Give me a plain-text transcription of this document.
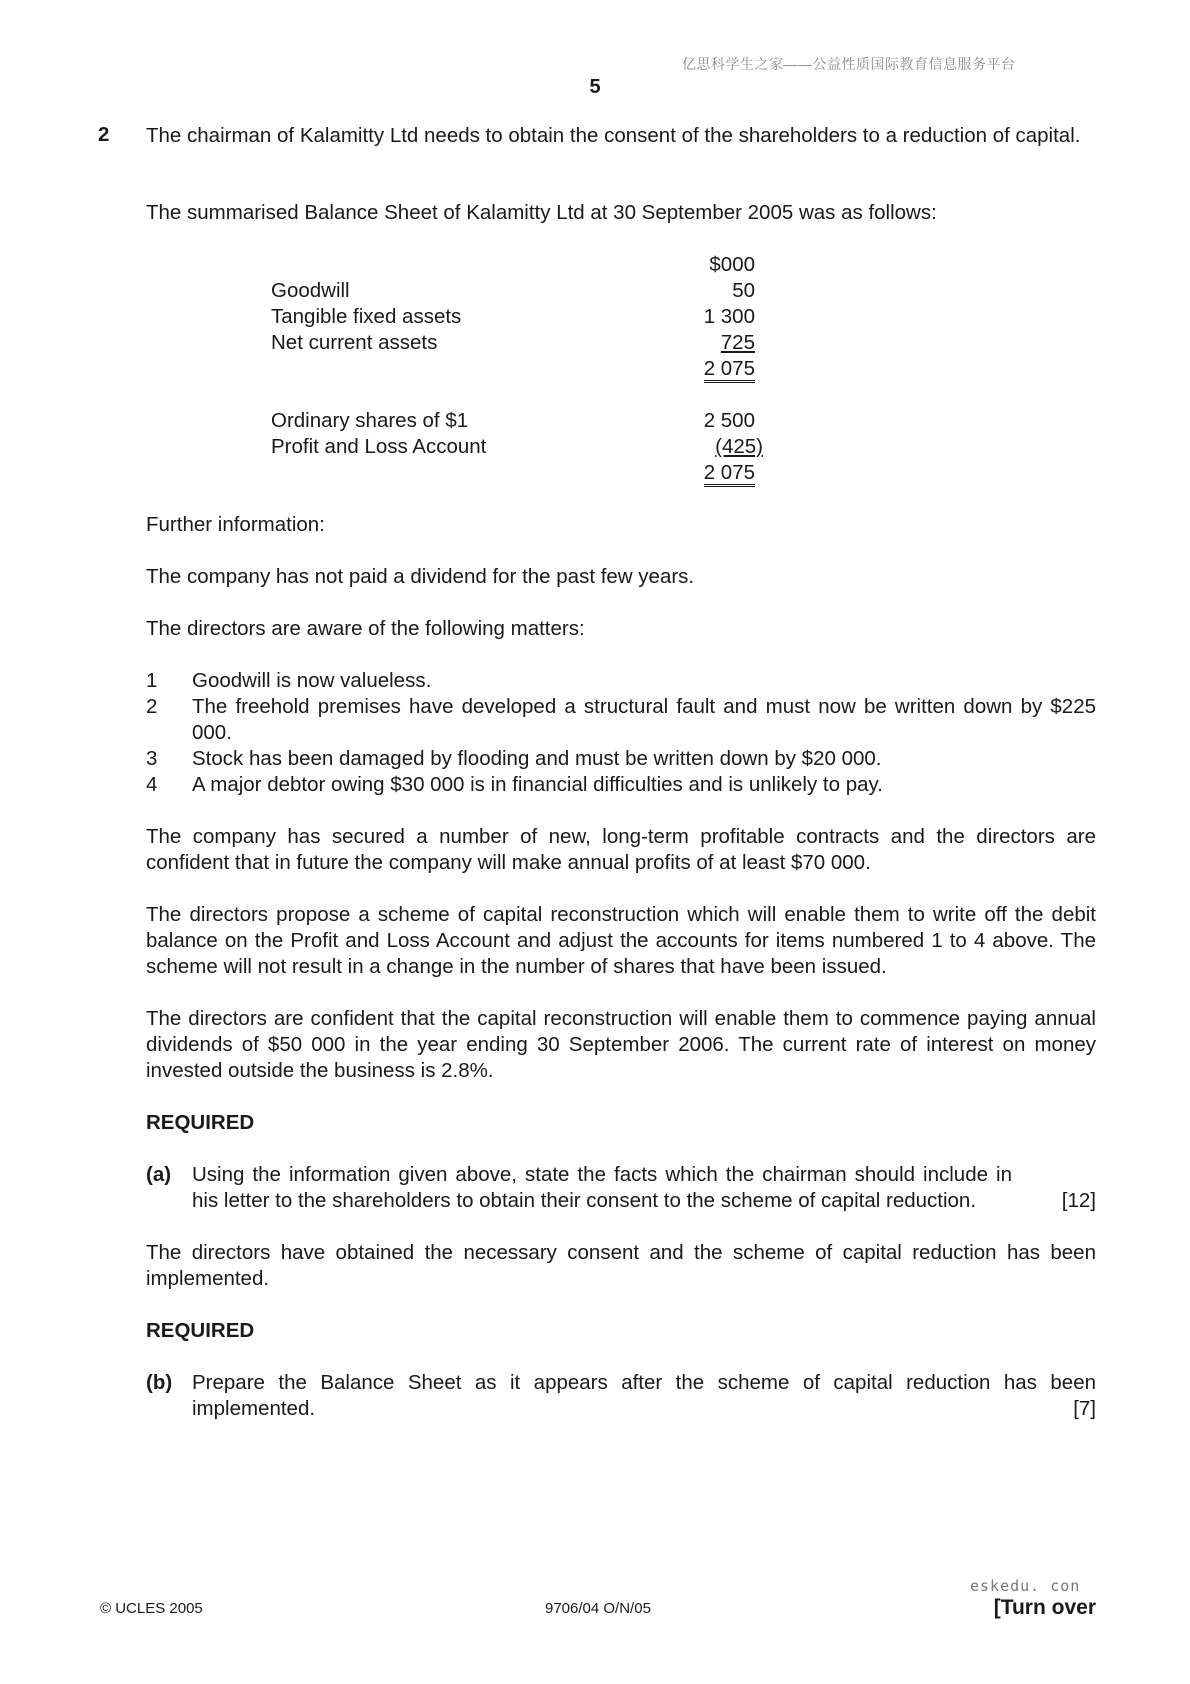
亿思科学生之家——公益性质国际教育信息服务平台
5
2 The chairman of Kalamitty Ltd needs to obtain the consent of the shareholders to a reduction of capital.
The summarised Balance Sheet of Kalamitty Ltd at 30 September 2005 was as follows:
$000
Goodwill	50
Tangible fixed assets	1 300
Net current assets	725
2 075
Ordinary shares of $1	2 500
Profit and Loss Account	(425)
2 075
Further information:
The company has not paid a dividend for the past few years.
The directors are aware of the following matters:
1 Goodwill is now valueless.
2 The freehold premises have developed a structural fault and must now be written down by $225 000.
3 Stock has been damaged by flooding and must be written down by $20 000.
4 A major debtor owing $30 000 is in financial difficulties and is unlikely to pay.
The company has secured a number of new, long-term profitable contracts and the directors are confident that in future the company will make annual profits of at least $70 000.
The directors propose a scheme of capital reconstruction which will enable them to write off the debit balance on the Profit and Loss Account and adjust the accounts for items numbered 1 to 4 above. The scheme will not result in a change in the number of shares that have been issued.
The directors are confident that the capital reconstruction will enable them to commence paying annual dividends of $50 000 in the year ending 30 September 2006. The current rate of interest on money invested outside the business is 2.8%.
REQUIRED
(a) Using the information given above, state the facts which the chairman should include in his letter to the shareholders to obtain their consent to the scheme of capital reduction.	[12]
The directors have obtained the necessary consent and the scheme of capital reduction has been implemented.
REQUIRED
(b) Prepare the Balance Sheet as it appears after the scheme of capital reduction has been implemented.	[7]
© UCLES 2005	9706/04 O/N/05
eskedu. con
[Turn over
